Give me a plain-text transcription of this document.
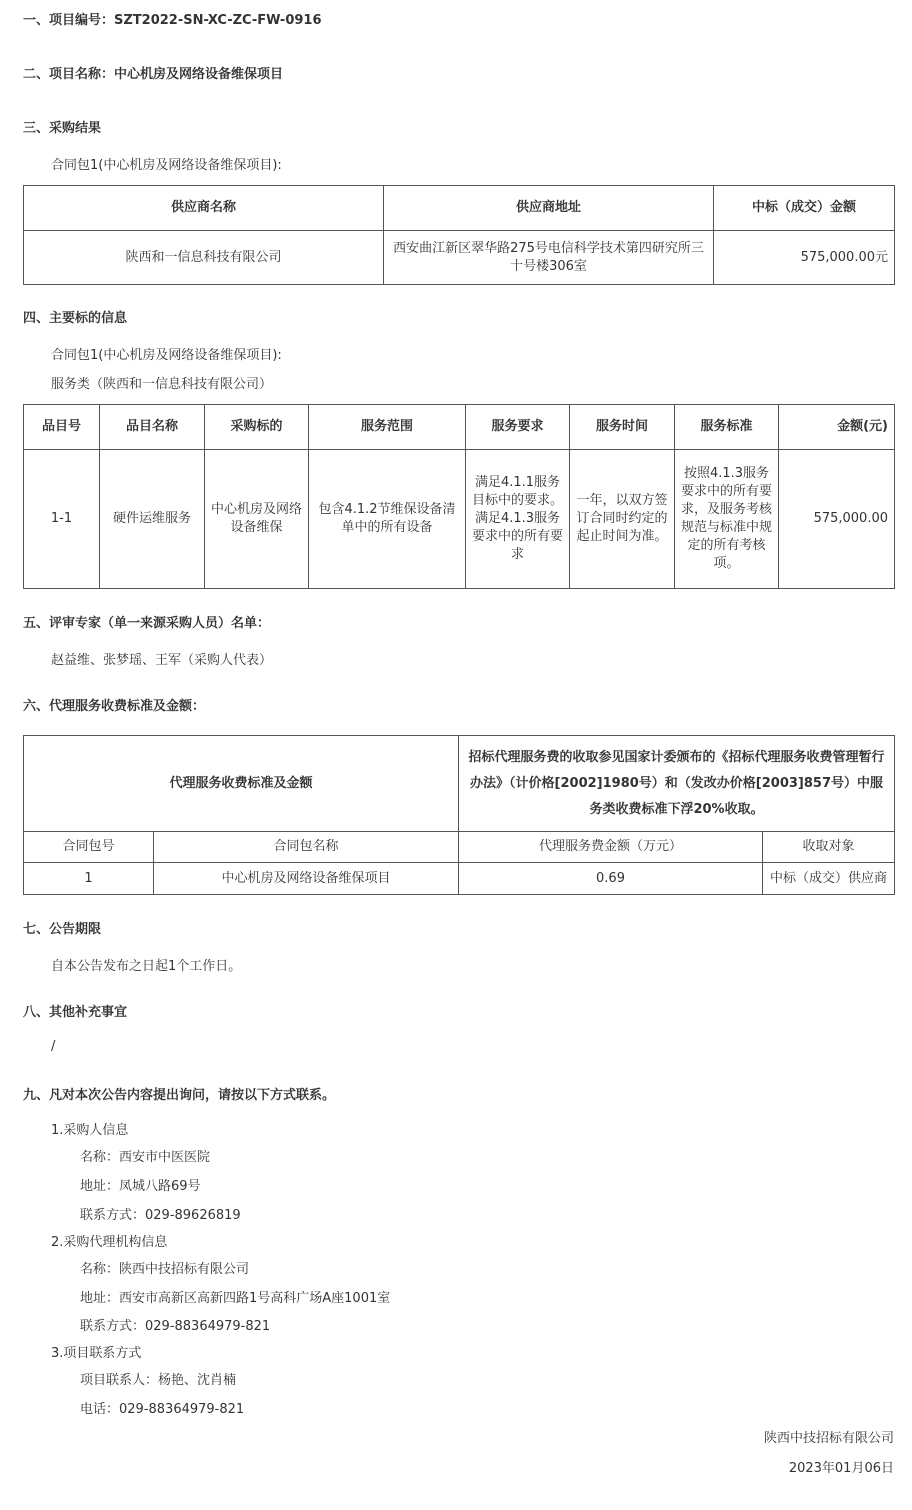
一、项目编号：SZT2022-SN-XC-ZC-FW-0916
二、项目名称：中心机房及网络设备维保项目
三、采购结果
合同包1(中心机房及网络设备维保项目):
供应商名称	供应商地址	中标（成交）金额
陕西和一信息科技有限公司	西安曲江新区翠华路275号电信科学技术第四研究所三十号楼306室	575,000.00元
四、主要标的信息
合同包1(中心机房及网络设备维保项目):
服务类（陕西和一信息科技有限公司）
品目号	品目名称	采购标的	服务范围	服务要求	服务时间	服务标准	金额(元)
1-1	硬件运维服务	中心机房及网络设备维保	包含4.1.2节维保设备清单中的所有设备	满足4.1.1服务目标中的要求。满足4.1.3服务要求中的所有要求	一年，以双方签订合同时约定的起止时间为准。	按照4.1.3服务要求中的所有要求，及服务考核规范与标准中规定的所有考核项。	575,000.00
五、评审专家（单一来源采购人员）名单：
赵益维、张梦瑶、王军（采购人代表）
六、代理服务收费标准及金额：
代理服务收费标准及金额		招标代理服务费的收取参见国家计委颁布的《招标代理服务收费管理暂行办法》（计价格[2002]1980号）和（发改办价格[2003]857号）中服务类收费标准下浮20%收取。	
合同包号	合同包名称	代理服务费金额（万元）	收取对象
1	中心机房及网络设备维保项目	0.69	中标（成交）供应商
七、公告期限
自本公告发布之日起1个工作日。
八、其他补充事宜
/
九、凡对本次公告内容提出询问，请按以下方式联系。
1.采购人信息
名称：西安市中医医院
地址：凤城八路69号
联系方式：029-89626819
2.采购代理机构信息
名称：陕西中技招标有限公司
地址：西安市高新区高新四路1号高科广场A座1001室
联系方式：029-88364979-821
3.项目联系方式
项目联系人：杨艳、沈肖楠
电话：029-88364979-821
陕西中技招标有限公司
2023年01月06日
